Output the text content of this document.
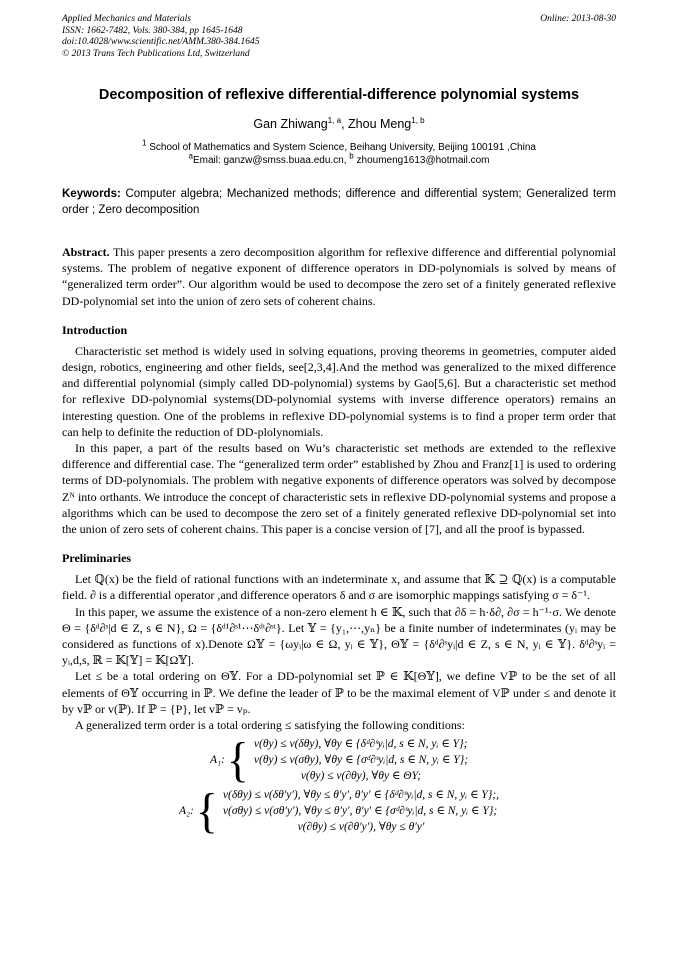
Applied Mechanics and Materials
ISSN: 1662-7482, Vols. 380-384, pp 1645-1648
doi:10.4028/www.scientific.net/AMM.380-384.1645
© 2013 Trans Tech Publications Ltd, Switzerland
Online: 2013-08-30
Decomposition of reflexive differential-difference polynomial systems
Gan Zhiwang$^{1, a}$, Zhou Meng$^{1, b}$
$^1$ School of Mathematics and System Science, Beihang University, Beijing 100191 ,China
$^a$Email: ganzw@smss.buaa.edu.cn, $^b$ zhoumeng1613@hotmail.com

Keywords: Computer algebra; Mechanized methods; difference and differential system; Generalized term order ; Zero decomposition

Abstract. This paper presents a zero decomposition algorithm for reflexive difference and differential polynomial systems. The problem of negative exponent of difference operators in DD-polynomials is solved by means of “generalized term order”. Our algorithm would be used to decompose the zero set of a finitely generated reflexive DD-polynomial set into the union of zero sets of coherent chains.

Introduction

Characteristic set method is widely used in solving equations, proving theorems in geometries, computer aided design, robotics, engineering and other fields, see[2,3,4].And the method was generalized to the mixed difference and differential polynomial (simply called DD-polynomial) systems by Gao[5,6]. But a characteristic set method for reflexive DD-polynomial systems(DD-polynomial systems with inverse difference operators) remains an interesting question. One of the problems in reflexive DD-polynomial systems is to find a proper term order that can help to definite the reduction of DD-plolynomials.

In this paper, a part of the results based on Wu’s characteristic set methods are extended to the reflexive difference and differential case. The “generalized term order” established by Zhou and Franz[1] is used to ordering terms of DD-polynomials. The problem with negative exponents of difference operators was solved by decompose Zᴺ into orthants. We introduce the concept of characteristic sets in reflexive DD-polynomial systems and propose a algorithms which can be used to decompose the zero set of a finitely generated reflexive DD-polynomial set into the union of zero sets of coherent chains. This paper is a concise version of [7], and all the proof is bypassed.

Preliminaries

Let ℚ(x) be the field of rational functions with an indeterminate x, and assume that 𝕂 ⊇ ℚ(x) is a computable field. ∂ is a differential operator ,and difference operators δ and σ are isomorphic mappings satisfying σ = δ⁻¹.

In this paper, we assume the existence of a non-zero element h ∈ 𝕂, such that ∂δ = h·δ∂, ∂σ = h⁻¹·σ. We denote Θ = {δᵈ∂ˢ|d ∈ Z, s ∈ N}, Ω = {δᵈ¹∂ˢ¹⋯δᵈᵗ∂ˢᵗ}. Let 𝕐 = {y₁,⋯,yₙ} be a finite number of indeterminates (yᵢ may be considered as functions of x).Denote Ω𝕐 = {ωyᵢ|ω ∈ Ω, yᵢ ∈ 𝕐}, Θ𝕐 = {δᵈ∂ˢyᵢ|d ∈ Z, s ∈ N, yᵢ ∈ 𝕐}. δᵈ∂ˢyᵢ = yᵢ,d,s, ℝ = 𝕂[𝕐] = 𝕂[Ω𝕐].

Let ≤ be a total ordering on Θ𝕐. For a DD-polynomial set ℙ ∈ 𝕂[Θ𝕐], we define Vℙ to be the set of all elements of Θ𝕐 occurring in ℙ. We define the leader of ℙ to be the maximal element of Vℙ under ≤ and denote it by vℙ or v(ℙ). If ℙ = {P}, let vℙ = vₚ.

A generalized term order is a total ordering ≤ satisfying the following conditions:

A₁: { v(θy) ≤ v(δθy), ∀θy ∈ {δᵈ∂ˢyᵢ|d, s ∈ N, yᵢ ∈ Y};
v(θy) ≤ v(σθy), ∀θy ∈ {σᵈ∂ˢyᵢ|d, s ∈ N, yᵢ ∈ Y};
v(θy) ≤ v(∂θy), ∀θy ∈ ΘY;
A₂: { v(δθy) ≤ v(δθ′y′), ∀θy ≤ θ′y′, θ′y′ ∈ {δᵈ∂ˢyᵢ|d, s ∈ N, yᵢ ∈ Y};,
v(σθy) ≤ v(σθ′y′), ∀θy ≤ θ′y′, θ′y′ ∈ {σᵈ∂ˢyᵢ|d, s ∈ N, yᵢ ∈ Y};
v(∂θy) ≤ v(∂θ′y′), ∀θy ≤ θ′y′
